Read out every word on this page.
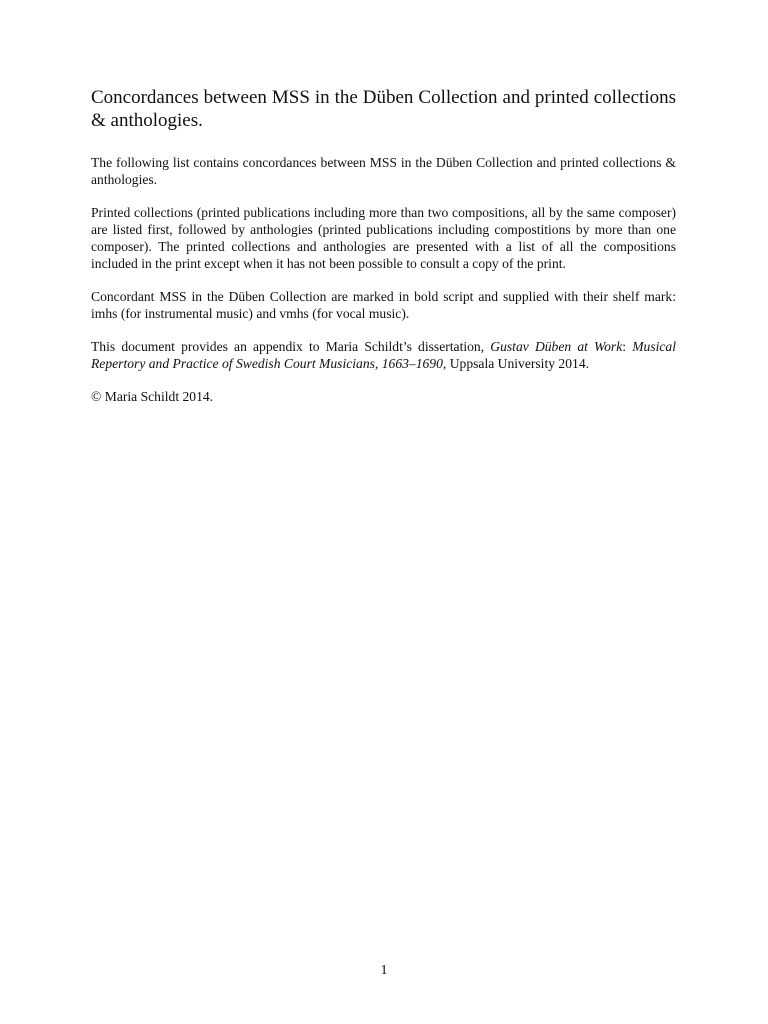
Concordances between MSS in the Düben Collection and printed collections & anthologies.

The following list contains concordances between MSS in the Düben Collection and printed collections & anthologies.

Printed collections (printed publications including more than two compositions, all by the same composer) are listed first, followed by anthologies (printed publications including compostitions by more than one composer). The printed collections and anthologies are presented with a list of all the compositions included in the print except when it has not been possible to consult a copy of the print.

Concordant MSS in the Düben Collection are marked in bold script and supplied with their shelf mark: imhs (for instrumental music) and vmhs (for vocal music).

This document provides an appendix to Maria Schildt’s dissertation, Gustav Düben at Work: Musical Repertory and Practice of Swedish Court Musicians, 1663–1690, Uppsala University 2014.

© Maria Schildt 2014.

1
